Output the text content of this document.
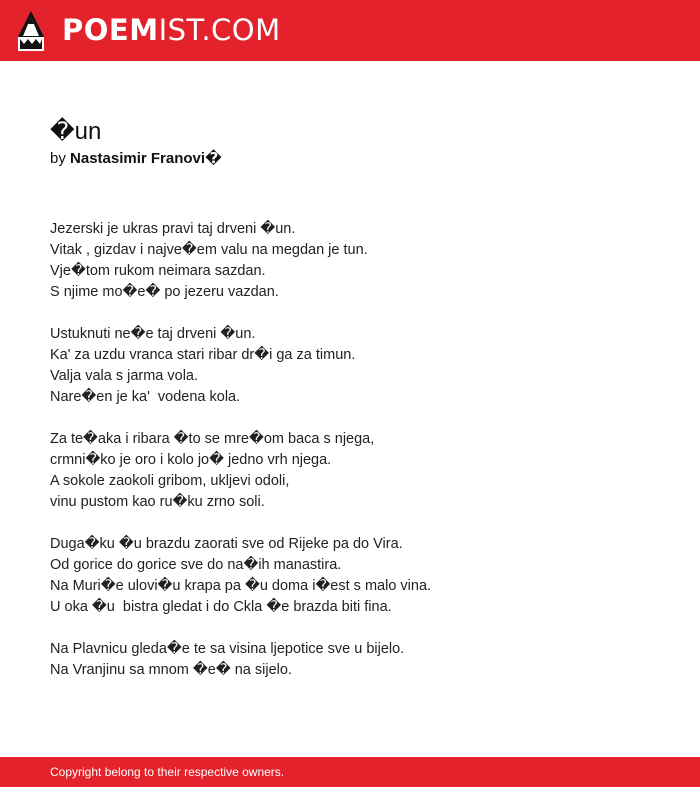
POEMIST.COM
�un
by Nastasimir Franovi�
Jezerski je ukras pravi taj drveni �un.
Vitak , gizdav i najve�em valu na megdan je tun.
Vje�tom rukom neimara sazdan.
S njime mo�e� po jezeru vazdan.
Ustuknuti ne�e taj drveni �un.
Ka' za uzdu vranca stari ribar dr�i ga za timun.
Valja vala s jarma vola.
Nare�en je ka'  vodena kola.
Za te�aka i ribara �to se mre�om baca s njega,
crmni�ko je oro i kolo jo� jedno vrh njega.
A sokole zaokoli gribom, ukljevi odoli,
vinu pustom kao ru�ku zrno soli.
Duga�ku �u brazdu zaorati sve od Rijeke pa do Vira.
Od gorice do gorice sve do na�ih manastira.
Na Muri�e ulovi�u krapa pa �u doma i�est s malo vina.
U oka �u  bistra gledat i do Ckla �e brazda biti fina.
Na Plavnicu gleda�e te sa visina ljepotice sve u bijelo.
Na Vranjinu sa mnom �e� na sijelo.
Copyright belong to their respective owners.
